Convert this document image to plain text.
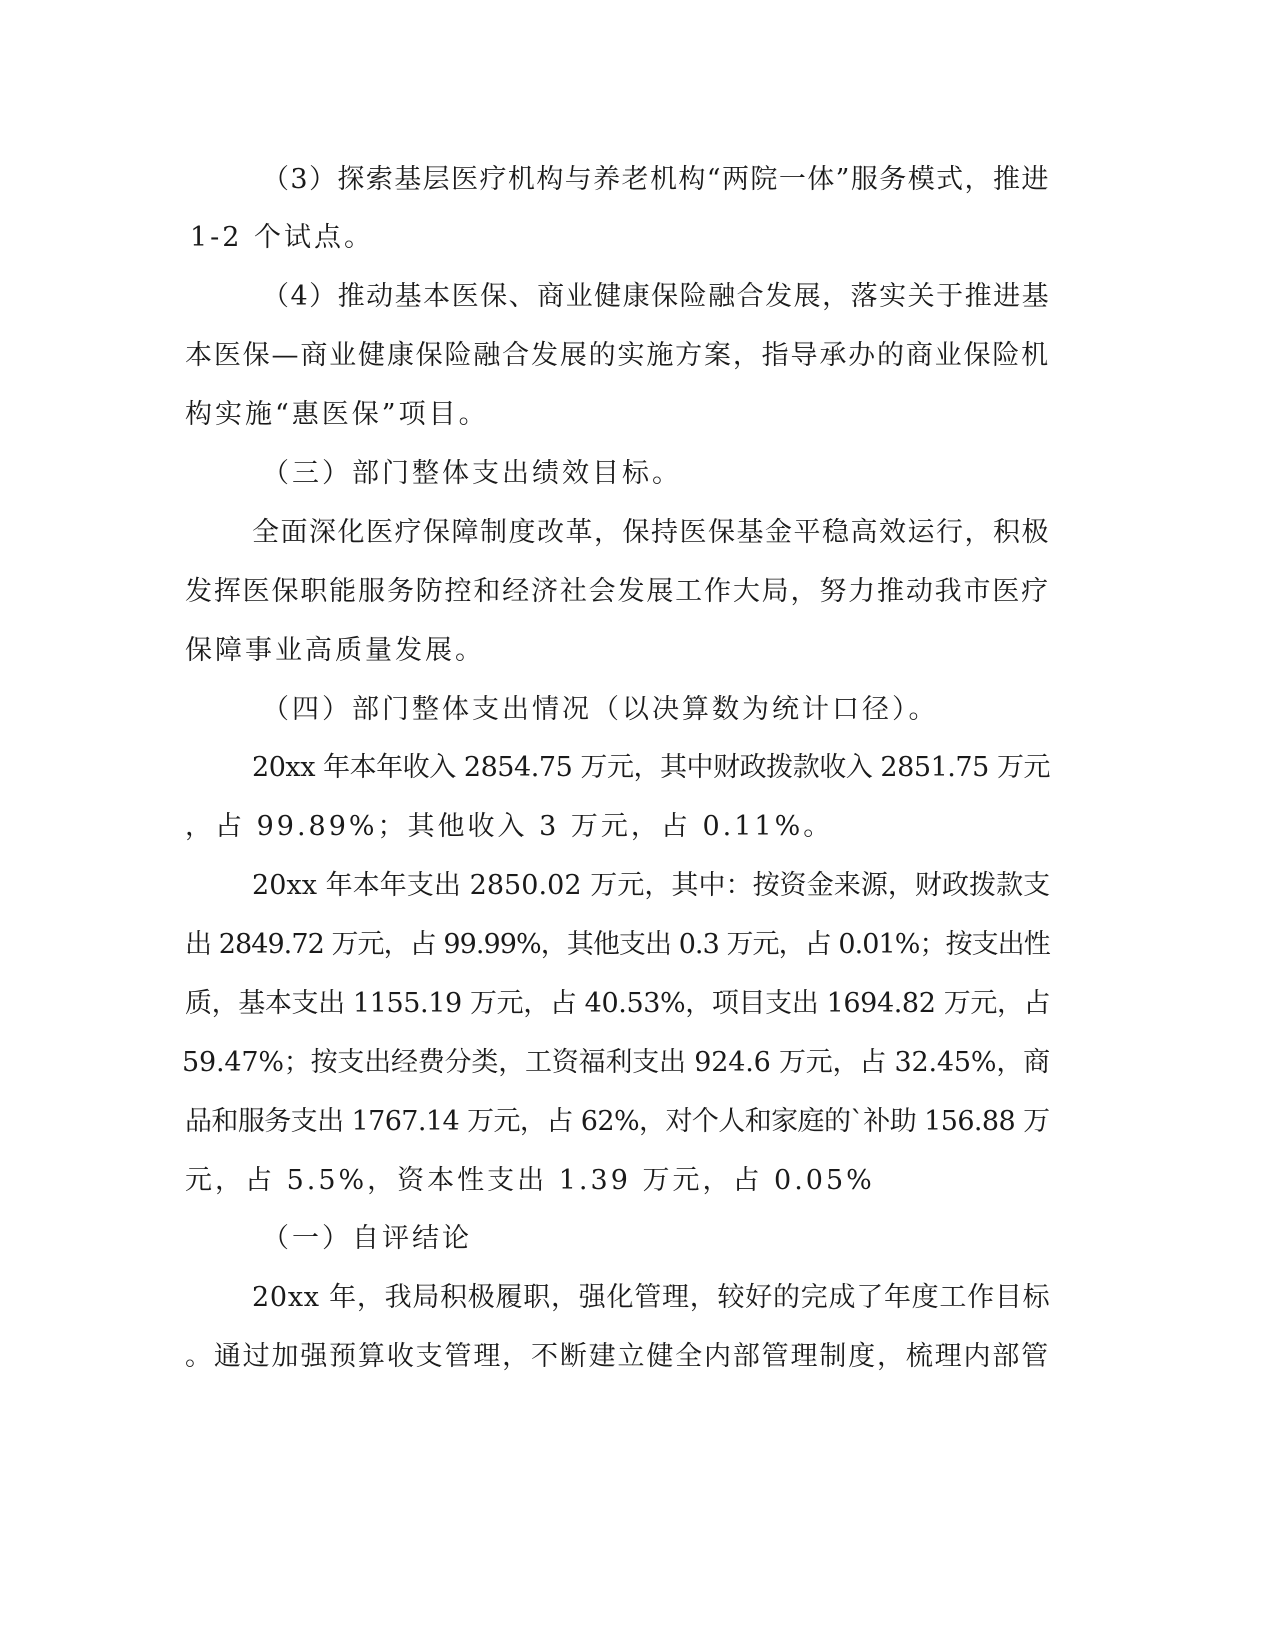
（3）探索基层医疗机构与养老机构“两院一体”服务模式，推进
1-2 个试点。
（4）推动基本医保、商业健康保险融合发展，落实关于推进基
本医保—商业健康保险融合发展的实施方案，指导承办的商业保险机
构实施“惠医保”项目。
（三）部门整体支出绩效目标。
全面深化医疗保障制度改革，保持医保基金平稳高效运行，积极
发挥医保职能服务防控和经济社会发展工作大局，努力推动我市医疗
保障事业高质量发展。
（四）部门整体支出情况（以决算数为统计口径）。
20xx 年本年收入 2854.75 万元，其中财政拨款收入 2851.75 万元
，占 99.89%；其他收入 3 万元，占 0.11%。
20xx 年本年支出 2850.02 万元，其中：按资金来源，财政拨款支
出 2849.72 万元，占 99.99%，其他支出 0.3 万元，占 0.01%；按支出性
质，基本支出 1155.19 万元，占 40.53%，项目支出 1694.82 万元，占
59.47%；按支出经费分类，工资福利支出 924.6 万元，占 32.45%，商
品和服务支出 1767.14 万元，占 62%，对个人和家庭的`补助 156.88 万
元，占 5.5%，资本性支出 1.39 万元，占 0.05%
（一）自评结论
20xx 年，我局积极履职，强化管理，较好的完成了年度工作目标
。通过加强预算收支管理，不断建立健全内部管理制度，梳理内部管
